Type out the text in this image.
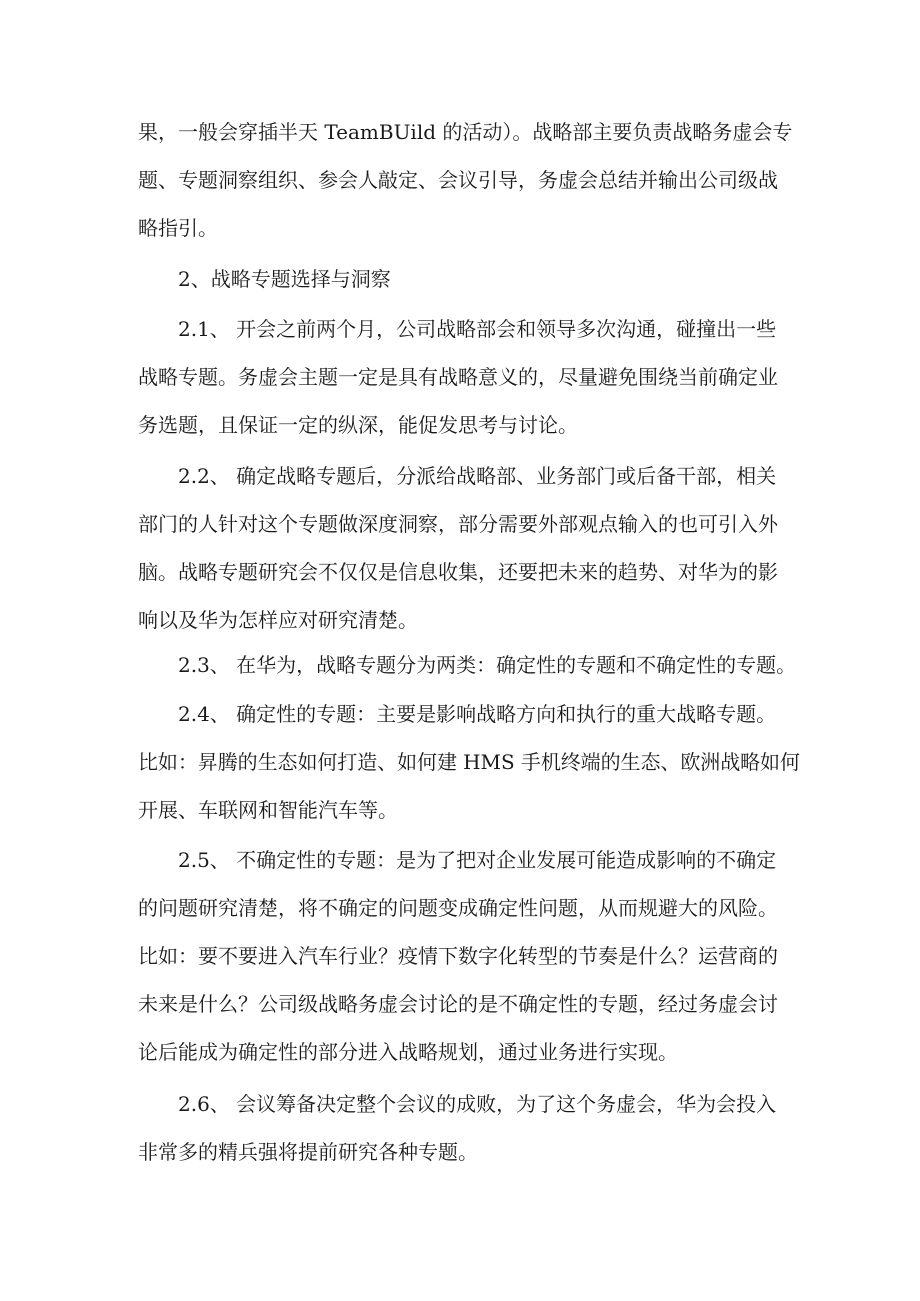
果，一般会穿插半天 TeamBUild 的活动）。战略部主要负责战略务虚会专
题、专题洞察组织、参会人敲定、会议引导，务虚会总结并输出公司级战
略指引。
2、战略专题选择与洞察
2.1、 开会之前两个月，公司战略部会和领导多次沟通，碰撞出一些
战略专题。务虚会主题一定是具有战略意义的，尽量避免围绕当前确定业
务选题，且保证一定的纵深，能促发思考与讨论。
2.2、 确定战略专题后，分派给战略部、业务部门或后备干部，相关
部门的人针对这个专题做深度洞察，部分需要外部观点输入的也可引入外
脑。战略专题研究会不仅仅是信息收集，还要把未来的趋势、对华为的影
响以及华为怎样应对研究清楚。
2.3、 在华为，战略专题分为两类：确定性的专题和不确定性的专题。
2.4、 确定性的专题：主要是影响战略方向和执行的重大战略专题。
比如：昇腾的生态如何打造、如何建 HMS 手机终端的生态、欧洲战略如何
开展、车联网和智能汽车等。
2.5、 不确定性的专题：是为了把对企业发展可能造成影响的不确定
的问题研究清楚，将不确定的问题变成确定性问题，从而规避大的风险。
比如：要不要进入汽车行业？疫情下数字化转型的节奏是什么？运营商的
未来是什么？公司级战略务虚会讨论的是不确定性的专题，经过务虚会讨
论后能成为确定性的部分进入战略规划，通过业务进行实现。
2.6、 会议筹备决定整个会议的成败，为了这个务虚会，华为会投入
非常多的精兵强将提前研究各种专题。
